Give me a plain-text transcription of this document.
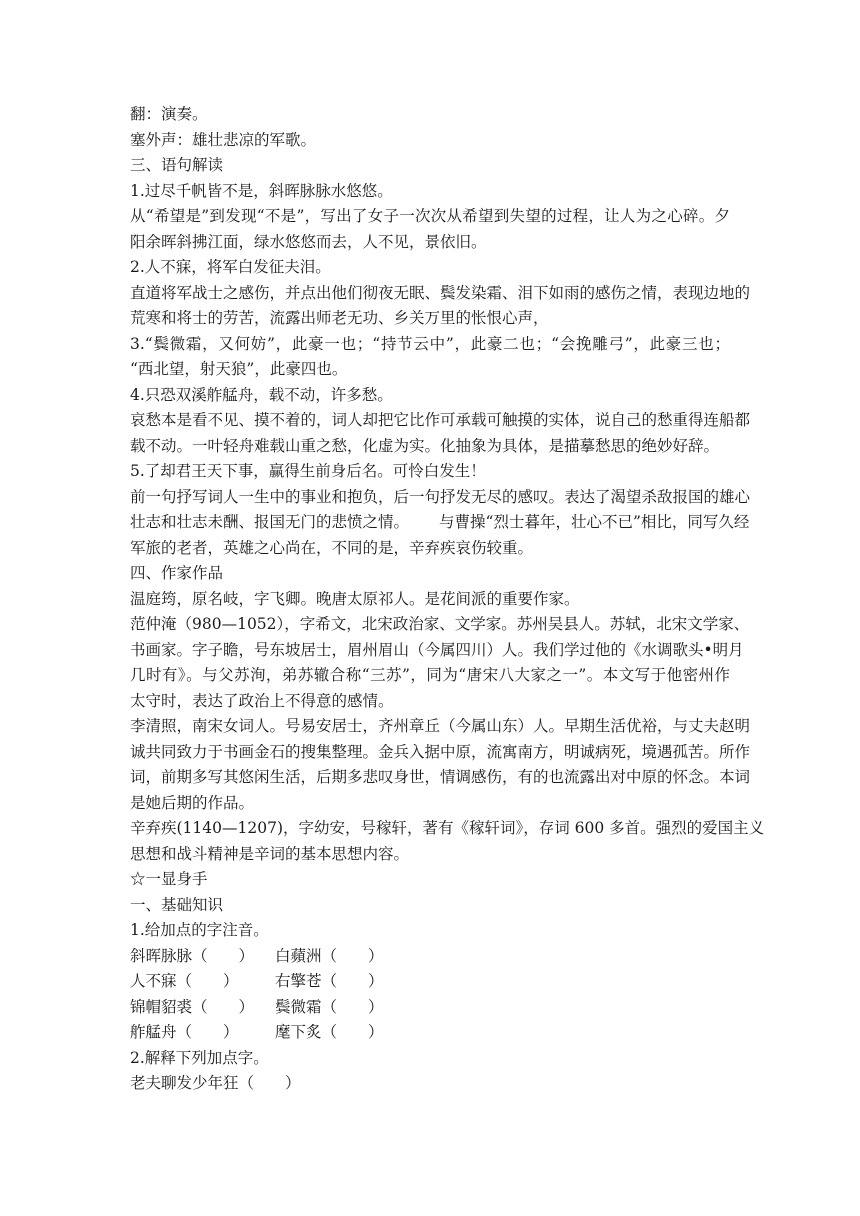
翻：演奏。
塞外声：雄壮悲凉的军歌。
三、语句解读
1.过尽千帆皆不是，斜晖脉脉水悠悠。
从“希望是”到发现“不是”，写出了女子一次次从希望到失望的过程，让人为之心碎。夕
阳余晖斜拂江面，绿水悠悠而去，人不见，景依旧。
2.人不寐，将军白发征夫泪。
直道将军战士之感伤，并点出他们彻夜无眠、鬓发染霜、泪下如雨的感伤之情，表现边地的
荒寒和将士的劳苦，流露出师老无功、乡关万里的怅恨心声，
3.“鬓微霜，又何妨”，此豪一也；“持节云中”，此豪二也；“会挽雕弓”，此豪三也；
“西北望，射天狼”，此豪四也。
4.只恐双溪舴艋舟，载不动，许多愁。
哀愁本是看不见、摸不着的，词人却把它比作可承载可触摸的实体，说自己的愁重得连船都
载不动。一叶轻舟难载山重之愁，化虚为实。化抽象为具体，是描摹愁思的绝妙好辞。
5.了却君王天下事，赢得生前身后名。可怜白发生！
前一句抒写词人一生中的事业和抱负，后一句抒发无尽的感叹。表达了渴望杀敌报国的雄心
壮志和壮志未酬、报国无门的悲愤之情。 与曹操“烈士暮年，壮心不已”相比，同写久经
军旅的老者，英雄之心尚在，不同的是，辛弃疾哀伤较重。
四、作家作品
温庭筠，原名岐，字飞卿。晚唐太原祁人。是花间派的重要作家。
范仲淹（980—1052），字希文，北宋政治家、文学家。苏州吴县人。苏轼，北宋文学家、
书画家。字子瞻，号东坡居士，眉州眉山（今属四川）人。我们学过他的《水调歌头•明月
几时有》。与父苏洵，弟苏辙合称“三苏”，同为“唐宋八大家之一”。本文写于他密州作
太守时，表达了政治上不得意的感情。
李清照，南宋女词人。号易安居士，齐州章丘（今属山东）人。早期生活优裕，与丈夫赵明
诚共同致力于书画金石的搜集整理。金兵入据中原，流寓南方，明诚病死，境遇孤苦。所作
词，前期多写其悠闲生活，后期多悲叹身世，情调感伤，有的也流露出对中原的怀念。本词
是她后期的作品。
辛弃疾(1140—1207)，字幼安，号稼轩，著有《稼轩词》，存词 600 多首。强烈的爱国主义
思想和战斗精神是辛词的基本思想内容。
☆一显身手
一、基础知识
1.给加点的字注音。
斜晖脉脉（　　）	白蘋洲（　　）
人不寐（　　）	右擎苍（　　）
锦帽貂裘（　　）	鬓微霜（　　）
舴艋舟（　　）	麾下炙（　　）
2.解释下列加点字。
老夫聊发少年狂（　　）
